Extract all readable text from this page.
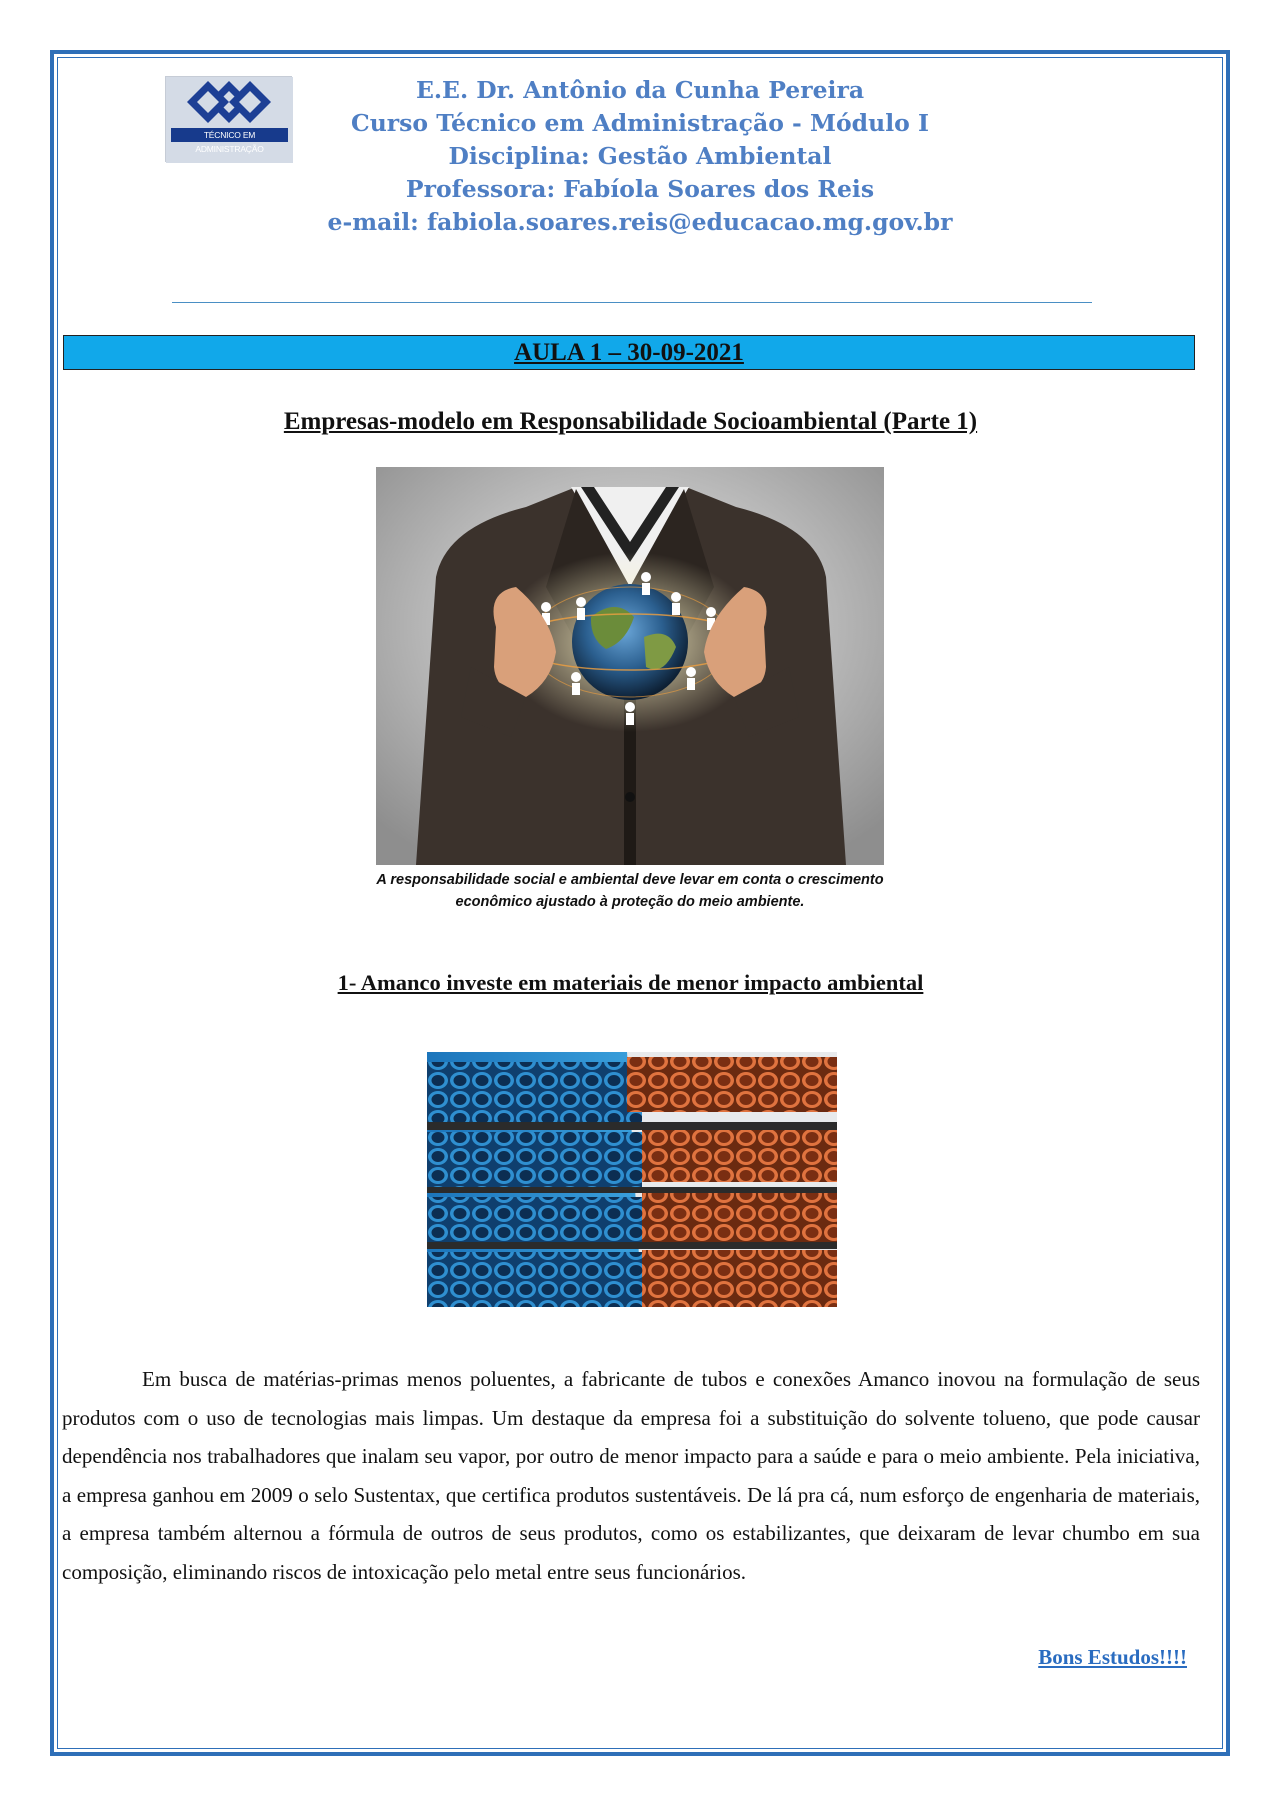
TÉCNICO EM ADMINISTRAÇÃO
E.E. Dr. Antônio da Cunha Pereira
Curso Técnico em Administração - Módulo I
Disciplina: Gestão Ambiental
Professora: Fabíola Soares dos Reis
e-mail: fabiola.soares.reis@educacao.mg.gov.br
AULA 1 – 30-09-2021
Empresas-modelo em Responsabilidade Socioambiental (Parte 1)
A responsabilidade social e ambiental deve levar em conta o crescimento
econômico ajustado à proteção do meio ambiente.
1- Amanco investe em materiais de menor impacto ambiental

Em busca de matérias-primas menos poluentes, a fabricante de tubos e conexões Amanco inovou na formulação de seus produtos com o uso de tecnologias mais limpas. Um destaque da empresa foi a substituição do solvente tolueno, que pode causar dependência nos trabalhadores que inalam seu vapor, por outro de menor impacto para a saúde e para o meio ambiente. Pela iniciativa, a empresa ganhou em 2009 o selo Sustentax, que certifica produtos sustentáveis. De lá pra cá, num esforço de engenharia de materiais, a empresa também alternou a fórmula de outros de seus produtos, como os estabilizantes, que deixaram de levar chumbo em sua composição, eliminando riscos de intoxicação pelo metal entre seus funcionários.

Bons Estudos!!!!
